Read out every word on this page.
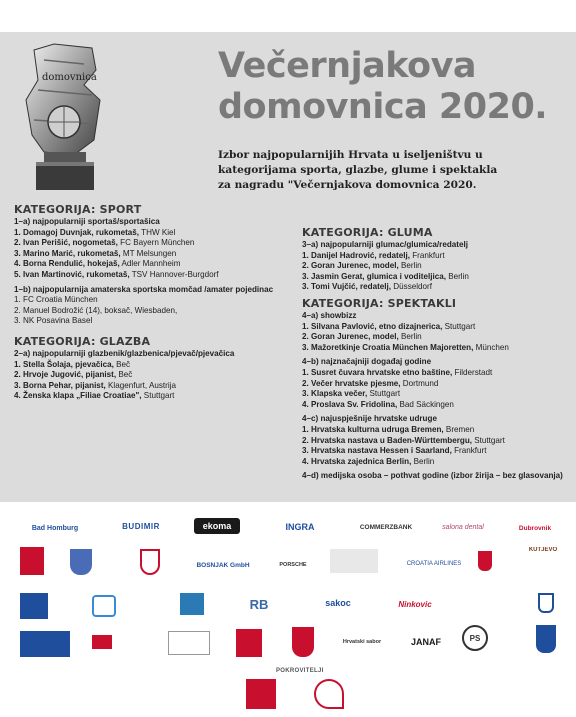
domovnica	Večernjakova
domovnica 2020.
Izbor najpopularnijih Hrvata u iseljeništvu u
kategorijama sporta, glazbe, glume i spektakla
za nagradu "Večernjakova domovnica 2020.
KATEGORIJA: SPORT
1–a) najpopularniji sportaš/sportašica
1. Domagoj Duvnjak, rukometaš, THW Kiel
2. Ivan Perišić, nogometaš, FC Bayern München
3. Marino Marić, rukometaš, MT Melsungen
4. Borna Rendulić, hokejaš, Adler Mannheim
5. Ivan Martinović, rukometaš, TSV Hannover-Burgdorf
1–b) najpopularnija amaterska sportska momčad /amater pojedinac
1. FC Croatia München
2. Manuel Bodrožić (14), boksač, Wiesbaden,
3. NK Posavina Basel
KATEGORIJA: GLAZBA
2–a) najpopularniji glazbenik/glazbenica/pjevač/pjevačica
1. Stella Šolaja, pjevačica, Beč
2. Hrvoje Jugović, pijanist, Beč
3. Borna Pehar, pijanist, Klagenfurt, Austrija
4. Ženska klapa „Filiae Croatiae", Stuttgart
KATEGORIJA: GLUMA
3–a) najpopularniji glumac/glumica/redatelj
1. Danijel Hadrović, redatelj, Frankfurt
2. Goran Jurenec, model, Berlin
3. Jasmin Gerat, glumica i voditeljica, Berlin
3. Tomi Vujčić, redatelj, Düsseldorf
KATEGORIJA: SPEKTAKLI
4–a) showbizz
1. Silvana Pavlović, etno dizajnerica, Stuttgart
2. Goran Jurenec, model, Berlin
3. Mažoretkinje Croatia München Majoretten, München
4–b) najznačajniji događaj godine
1. Susret čuvara hrvatske etno baštine, Filderstadt
2. Večer hrvatske pjesme, Dortmund
3. Klapska večer, Stuttgart
4. Proslava Sv. Fridolina, Bad Säckingen
4–c) najuspješnije hrvatske udruge
1. Hrvatska kulturna udruga Bremen, Bremen
2. Hrvatska nastava u Baden-Württembergu, Stuttgart
3. Hrvatska nastava Hessen i Saarland, Frankfurt
4. Hrvatska zajednica Berlin, Berlin
4–d) medijska osoba – pothvat godine (izbor žirija – bez glasovanja)
Bad Homburg	BUDIMIR	ekoma	INGRA	COMMERZBANK	salona dental	Dubrovnik
BOSNJAK GmbH	PORSCHE	CROATIA AIRLINES
KUTJEVO
RB	sakoc	Ninkovic
Hrvatski sabor	JANAF	PS
POKROVITELJI
